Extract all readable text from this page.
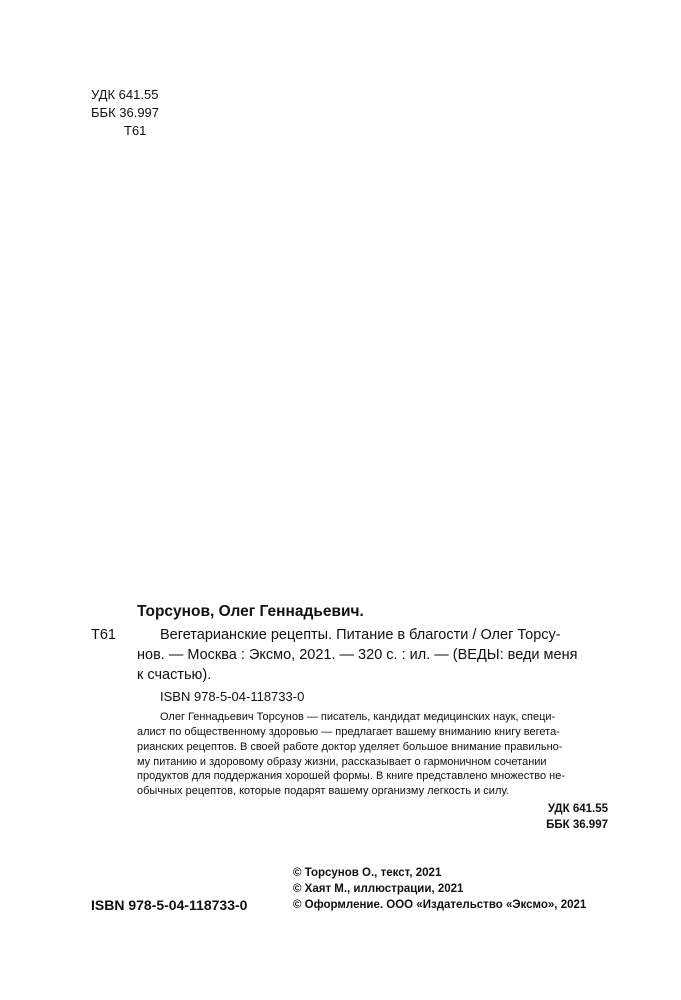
УДК 641.55
ББК 36.997
Т61
Торсунов, Олег Геннадьевич.
Т61	Вегетарианские рецепты. Питание в благости / Олег Торсу-
нов. — Москва : Эксмо, 2021. — 320 с. : ил. — (ВЕДЫ: веди меня
к счастью).
ISBN 978-5-04-118733-0
Олег Геннадьевич Торсунов — писатель, кандидат медицинских наук, специ-
алист по общественному здоровью — предлагает вашему вниманию книгу вегета-
рианских рецептов. В своей работе доктор уделяет большое внимание правильно-
му питанию и здоровому образу жизни, рассказывает о гармоничном сочетании
продуктов для поддержания хорошей формы. В книге представлено множество не-
обычных рецептов, которые подарят вашему организму легкость и силу.
УДК 641.55
ББК 36.997
ISBN 978-5-04-118733-0
© Торсунов О., текст, 2021
© Хаят М., иллюстрации, 2021
© Оформление. ООО «Издательство «Эксмо», 2021
